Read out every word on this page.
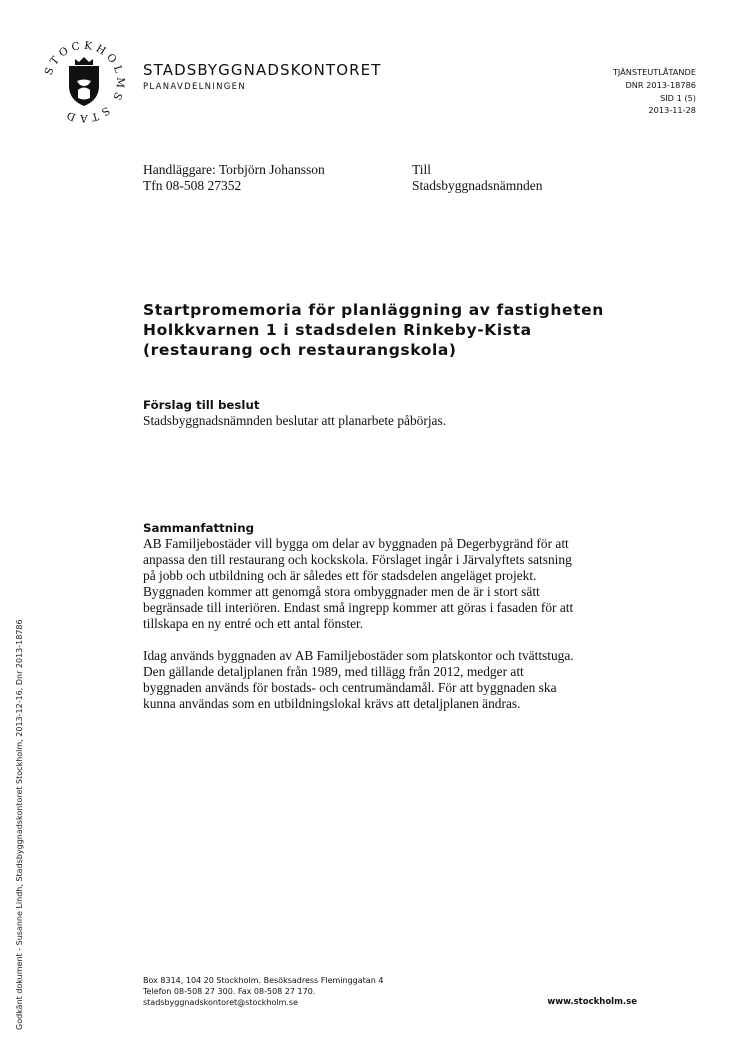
STOCKHOLMS STAD
STADSBYGGNADSKONTORET
PLANAVDELNINGEN
TJÄNSTEUTLÅTANDE
DNR 2013-18786
SID 1 (5)
2013-11-28
Handläggare: Torbjörn Johansson
Tfn 08-508 27352
Till
Stadsbyggnadsnämnden
Startpromemoria för planläggning av fastigheten
Holkkvarnen 1 i stadsdelen Rinkeby-Kista
(restaurang och restaurangskola)
Förslag till beslut
Stadsbyggnadsnämnden beslutar att planarbete påbörjas.
Sammanfattning

AB Familjebostäder vill bygga om delar av byggnaden på Degerbygränd för att
anpassa den till restaurang och kockskola. Förslaget ingår i Järvalyftets satsning
på jobb och utbildning och är således ett för stadsdelen angeläget projekt.
Byggnaden kommer att genomgå stora ombyggnader men de är i stort sätt
begränsade till interiören. Endast små ingrepp kommer att göras i fasaden för att
tillskapa en ny entré och ett antal fönster.

Idag används byggnaden av AB Familjebostäder som platskontor och tvättstuga.
Den gällande detaljplanen från 1989, med tillägg från 2012, medger att
byggnaden används för bostads- och centrumändamål. För att byggnaden ska
kunna användas som en utbildningslokal krävs att detaljplanen ändras.

Godkänt dokument - Susanne Lindh, Stadsbyggnadskontoret Stockholm, 2013-12-16, Dnr 2013-18786	Box 8314, 104 20 Stockholm. Besöksadress Fleminggatan 4
Telefon 08-508 27 300. Fax 08-508 27 170.
stadsbyggnadskontoret@stockholm.se	www.stockholm.se
